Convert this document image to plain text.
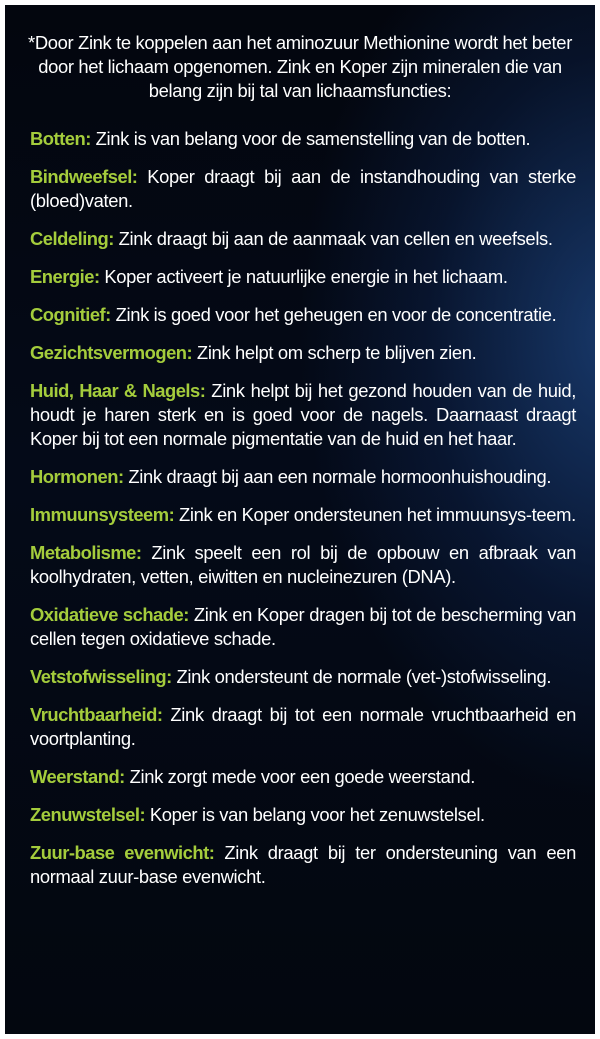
*Door Zink te koppelen aan het aminozuur Methionine wordt het beter door het lichaam opgenomen. Zink en Koper zijn mineralen die van belang zijn bij tal van lichaamsfuncties:

Botten: Zink is van belang voor de samenstelling van de botten.

Bindweefsel: Koper draagt bij aan de instandhouding van sterke (bloed)vaten.

Celdeling: Zink draagt bij aan de aanmaak van cellen en weefsels.

Energie: Koper activeert je natuurlijke energie in het lichaam.

Cognitief: Zink is goed voor het geheugen en voor de concentratie.

Gezichtsvermogen: Zink helpt om scherp te blijven zien.

Huid, Haar & Nagels: Zink helpt bij het gezond houden van de huid, houdt je haren sterk en is goed voor de nagels. Daarnaast draagt Koper bij tot een normale pigmentatie van de huid en het haar.

Hormonen: Zink draagt bij aan een normale hormoonhuishouding.

Immuunsysteem: Zink en Koper ondersteunen het immuunsys-teem.

Metabolisme: Zink speelt een rol bij de opbouw en afbraak van koolhydraten, vetten, eiwitten en nucleinezuren (DNA).

Oxidatieve schade: Zink en Koper dragen bij tot de bescherming van cellen tegen oxidatieve schade.

Vetstofwisseling: Zink ondersteunt de normale (vet-)stofwisseling.

Vruchtbaarheid: Zink draagt bij tot een normale vruchtbaarheid en voortplanting.

Weerstand: Zink zorgt mede voor een goede weerstand.

Zenuwstelsel: Koper is van belang voor het zenuwstelsel.

Zuur-base evenwicht: Zink draagt bij ter ondersteuning van een normaal zuur-base evenwicht.
